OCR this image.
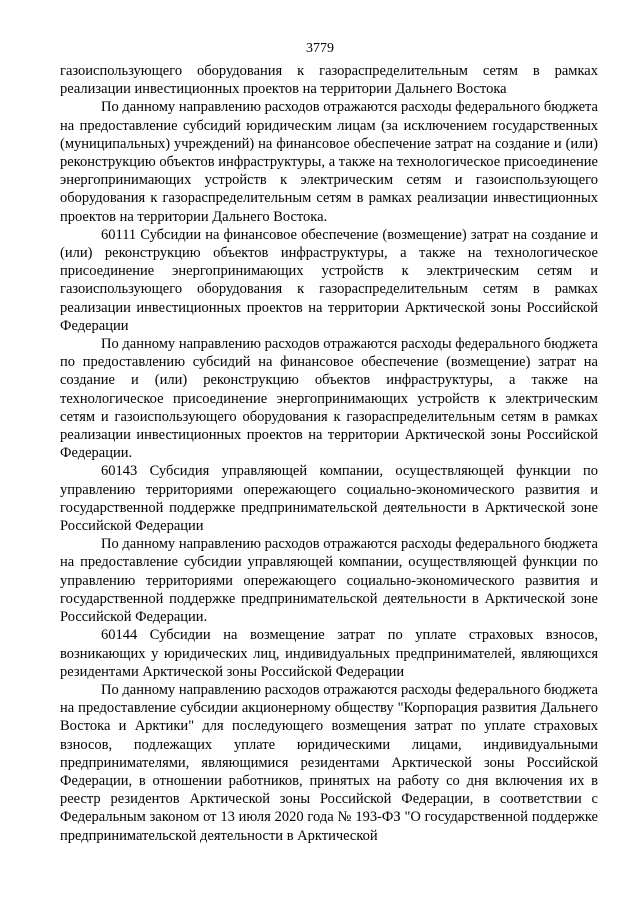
3779

газоиспользующего оборудования к газораспределительным сетям в рамках реализации инвестиционных проектов на территории Дальнего Востока

По данному направлению расходов отражаются расходы федерального бюджета на предоставление субсидий юридическим лицам (за исключением государственных (муниципальных) учреждений) на финансовое обеспечение затрат на создание и (или) реконструкцию объектов инфраструктуры, а также на технологическое присоединение энергопринимающих устройств к электрическим сетям и газоиспользующего оборудования к газораспределительным сетям в рамках реализации инвестиционных проектов на территории Дальнего Востока.

60111 Субсидии на финансовое обеспечение (возмещение) затрат на создание и (или) реконструкцию объектов инфраструктуры, а также на технологическое присоединение энергопринимающих устройств к электрическим сетям и газоиспользующего оборудования к газораспределительным сетям в рамках реализации инвестиционных проектов на территории Арктической зоны Российской Федерации

По данному направлению расходов отражаются расходы федерального бюджета по предоставлению субсидий на финансовое обеспечение (возмещение) затрат на создание и (или) реконструкцию объектов инфраструктуры, а также на технологическое присоединение энергопринимающих устройств к электрическим сетям и газоиспользующего оборудования к газораспределительным сетям в рамках реализации инвестиционных проектов на территории Арктической зоны Российской Федерации.

60143 Субсидия управляющей компании, осуществляющей функции по управлению территориями опережающего социально-экономического развития и государственной поддержке предпринимательской деятельности в Арктической зоне Российской Федерации

По данному направлению расходов отражаются расходы федерального бюджета на предоставление субсидии управляющей компании, осуществляющей функции по управлению территориями опережающего социально-экономического развития и государственной поддержке предпринимательской деятельности в Арктической зоне Российской Федерации.

60144 Субсидии на возмещение затрат по уплате страховых взносов, возникающих у юридических лиц, индивидуальных предпринимателей, являющихся резидентами Арктической зоны Российской Федерации

По данному направлению расходов отражаются расходы федерального бюджета на предоставление субсидии акционерному обществу "Корпорация развития Дальнего Востока и Арктики" для последующего возмещения затрат по уплате страховых взносов, подлежащих уплате юридическими лицами, индивидуальными предпринимателями, являющимися резидентами Арктической зоны Российской Федерации, в отношении работников, принятых на работу со дня включения их в реестр резидентов Арктической зоны Российской Федерации, в соответствии с Федеральным законом от 13 июля 2020 года № 193-ФЗ "О государственной поддержке предпринимательской деятельности в Арктической
